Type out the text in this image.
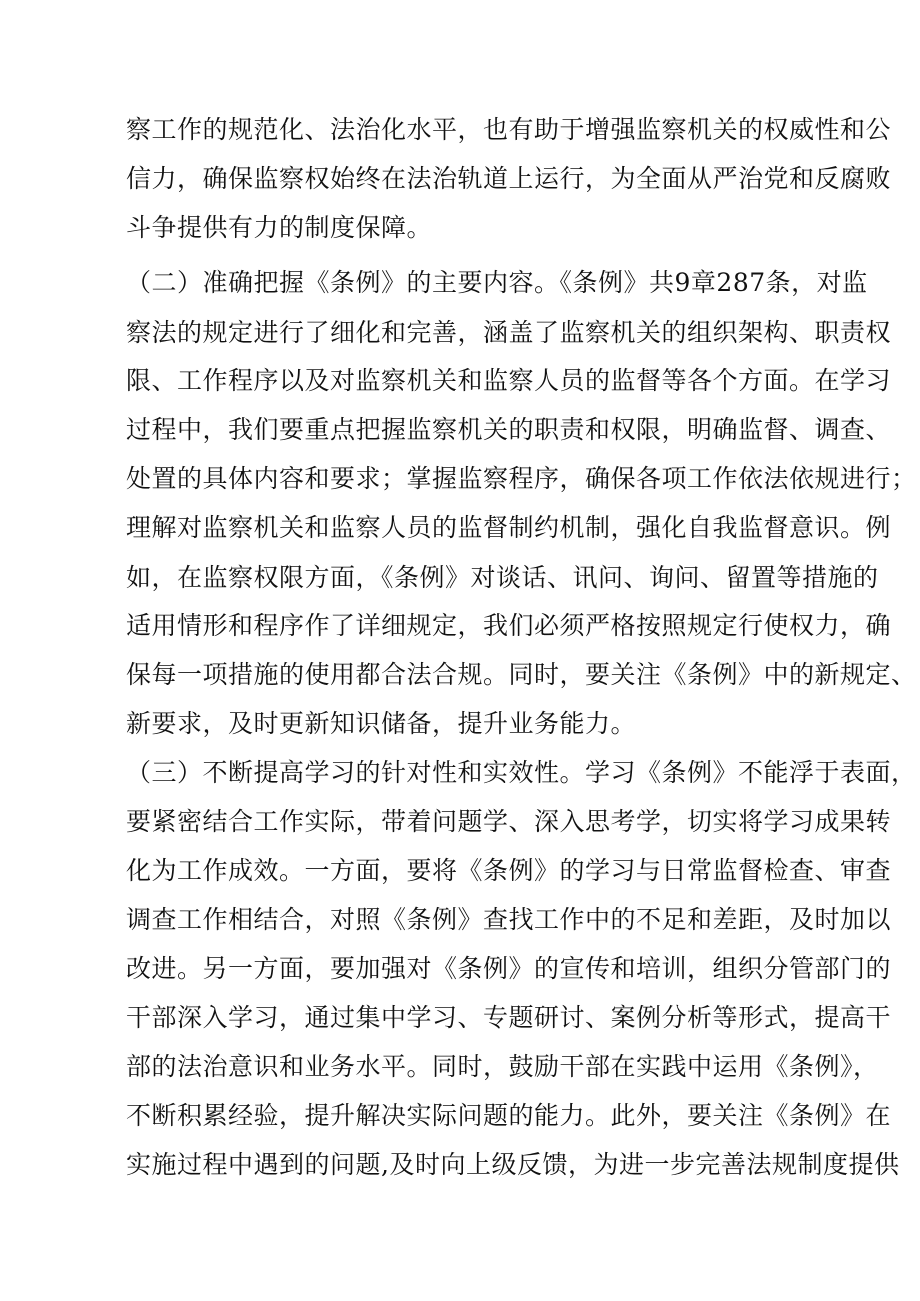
察工作的规范化、法治化水平，也有助于增强监察机关的权威性和公
信力，确保监察权始终在法治轨道上运行，为全面从严治党和反腐败
斗争提供有力的制度保障。
（二）准确把握《条例》的主要内容。《条例》共9章287条，对监
察法的规定进行了细化和完善，涵盖了监察机关的组织架构、职责权
限、工作程序以及对监察机关和监察人员的监督等各个方面。在学习
过程中，我们要重点把握监察机关的职责和权限，明确监督、调查、
处置的具体内容和要求；掌握监察程序，确保各项工作依法依规进行；
理解对监察机关和监察人员的监督制约机制，强化自我监督意识。例
如，在监察权限方面，《条例》对谈话、讯问、询问、留置等措施的
适用情形和程序作了详细规定，我们必须严格按照规定行使权力，确
保每一项措施的使用都合法合规。同时，要关注《条例》中的新规定、
新要求，及时更新知识储备，提升业务能力。
（三）不断提高学习的针对性和实效性。学习《条例》不能浮于表面，
要紧密结合工作实际，带着问题学、深入思考学，切实将学习成果转
化为工作成效。一方面，要将《条例》的学习与日常监督检查、审查
调查工作相结合，对照《条例》查找工作中的不足和差距，及时加以
改进。另一方面，要加强对《条例》的宣传和培训，组织分管部门的
干部深入学习，通过集中学习、专题研讨、案例分析等形式，提高干
部的法治意识和业务水平。同时，鼓励干部在实践中运用《条例》，
不断积累经验，提升解决实际问题的能力。此外，要关注《条例》在
实施过程中遇到的问题,及时向上级反馈，为进一步完善法规制度提供
